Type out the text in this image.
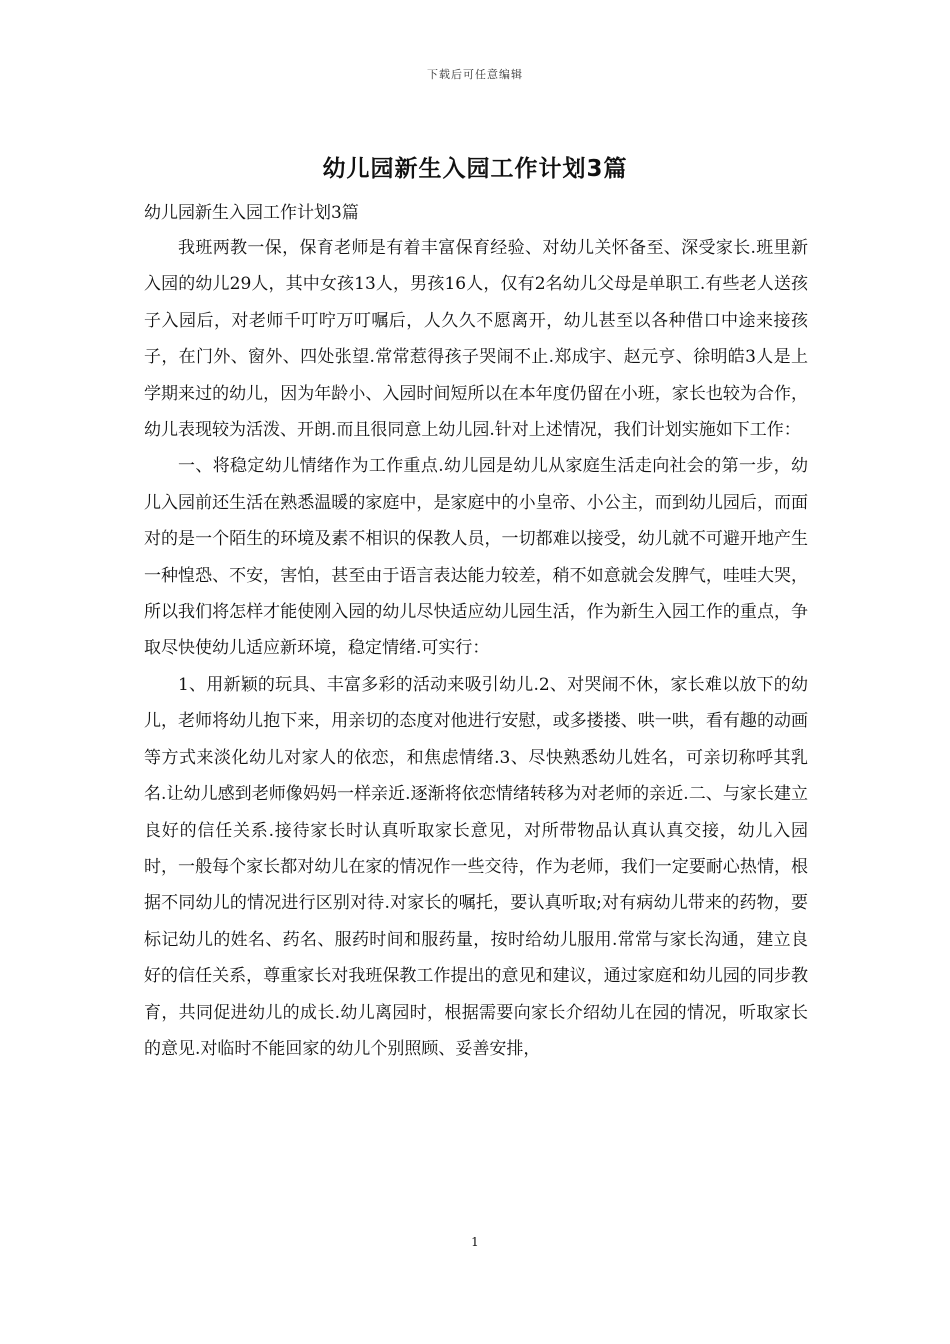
下载后可任意编辑
幼儿园新生入园工作计划3篇
幼儿园新生入园工作计划3篇

我班两教一保，保育老师是有着丰富保育经验、对幼儿关怀备至、深受家长.班里新入园的幼儿29人，其中女孩13人，男孩16人，仅有2名幼儿父母是单职工.有些老人送孩子入园后，对老师千叮咛万叮嘱后，人久久不愿离开，幼儿甚至以各种借口中途来接孩子，在门外、窗外、四处张望.常常惹得孩子哭闹不止.郑成宇、赵元亨、徐明皓3人是上学期来过的幼儿，因为年龄小、入园时间短所以在本年度仍留在小班，家长也较为合作，幼儿表现较为活泼、开朗.而且很同意上幼儿园.针对上述情况，我们计划实施如下工作：

一、将稳定幼儿情绪作为工作重点.幼儿园是幼儿从家庭生活走向社会的第一步，幼儿入园前还生活在熟悉温暖的家庭中，是家庭中的小皇帝、小公主，而到幼儿园后，而面对的是一个陌生的环境及素不相识的保教人员，一切都难以接受，幼儿就不可避开地产生一种惶恐、不安，害怕，甚至由于语言表达能力较差，稍不如意就会发脾气，哇哇大哭，所以我们将怎样才能使刚入园的幼儿尽快适应幼儿园生活，作为新生入园工作的重点，争取尽快使幼儿适应新环境，稳定情绪.可实行：

1、用新颖的玩具、丰富多彩的活动来吸引幼儿.2、对哭闹不休，家长难以放下的幼儿，老师将幼儿抱下来，用亲切的态度对他进行安慰，或多搂搂、哄一哄，看有趣的动画等方式来淡化幼儿对家人的依恋，和焦虑情绪.3、尽快熟悉幼儿姓名，可亲切称呼其乳名.让幼儿感到老师像妈妈一样亲近.逐渐将依恋情绪转移为对老师的亲近.二、与家长建立良好的信任关系.接待家长时认真听取家长意见，对所带物品认真认真交接，幼儿入园时，一般每个家长都对幼儿在家的情况作一些交待，作为老师，我们一定要耐心热情，根据不同幼儿的情况进行区别对待.对家长的嘱托，要认真听取;对有病幼儿带来的药物，要标记幼儿的姓名、药名、服药时间和服药量，按时给幼儿服用.常常与家长沟通，建立良好的信任关系，尊重家长对我班保教工作提出的意见和建议，通过家庭和幼儿园的同步教育，共同促进幼儿的成长.幼儿离园时，根据需要向家长介绍幼儿在园的情况，听取家长的意见.对临时不能回家的幼儿个别照顾、妥善安排，

1
